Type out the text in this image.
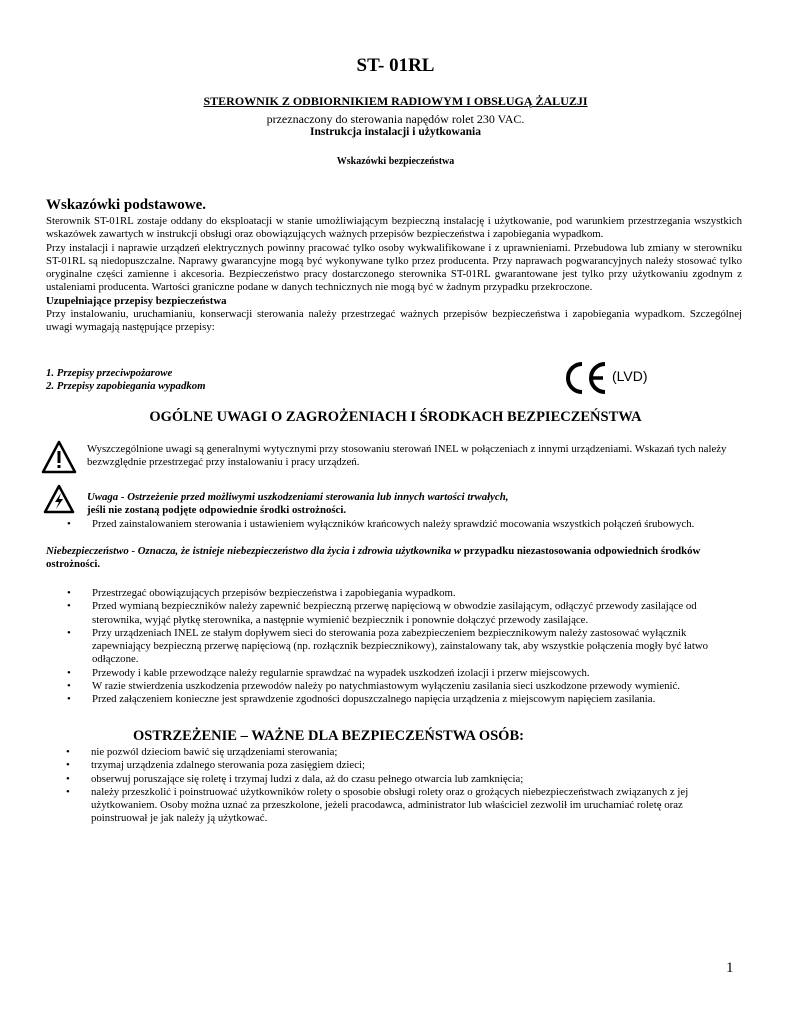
ST- 01RL
STEROWNIK Z ODBIORNIKIEM RADIOWYM I OBSŁUGĄ ŻALUZJI
przeznaczony do sterowania napędów rolet 230 VAC.
Instrukcja instalacji i użytkowania
Wskazówki bezpieczeństwa
Wskazówki podstawowe.

Sterownik ST-01RL zostaje oddany do eksploatacji w stanie umożliwiającym bezpieczną instalację i użytkowanie, pod warunkiem przestrzegania wszystkich wskazówek zawartych w instrukcji obsługi oraz obowiązujących ważnych przepisów bezpieczeństwa i zapobiegania wypadkom.

Przy instalacji i naprawie urządzeń elektrycznych powinny pracować tylko osoby wykwalifikowane i z uprawnieniami. Przebudowa lub zmiany w sterowniku ST-01RL są niedopuszczalne. Naprawy gwarancyjne mogą być wykonywane tylko przez producenta. Przy naprawach pogwarancyjnych należy stosować tylko oryginalne części zamienne i akcesoria. Bezpieczeństwo pracy dostarczonego sterownika ST-01RL gwarantowane jest tylko przy użytkowaniu zgodnym z ustaleniami producenta. Wartości graniczne podane w danych technicznych nie mogą być w żadnym przypadku przekroczone.

Uzupełniające przepisy bezpieczeństwa

Przy instalowaniu, uruchamianiu, konserwacji sterowania należy przestrzegać ważnych przepisów bezpieczeństwa i zapobiegania wypadkom. Szczególnej uwagi wymagają następujące przepisy:

1. Przepisy przeciwpożarowe

2. Przepisy zapobiegania wypadkom

(LVD)
OGÓLNE UWAGI O ZAGROŻENIACH I ŚRODKACH BEZPIECZEŃSTWA
Wyszczególnione uwagi są generalnymi wytycznymi przy stosowaniu sterowań INEL w połączeniach z innymi urządzeniami. Wskazań tych należy bezwzględnie przestrzegać przy instalowaniu i pracy urządzeń.

Uwaga - Ostrzeżenie przed możliwymi uszkodzeniami sterowania lub innych wartości trwałych,

jeśli nie zostaną podjęte odpowiednie środki ostrożności.

• Przed zainstalowaniem sterowania i ustawieniem wyłączników krańcowych należy sprawdzić mocowania wszystkich połączeń śrubowych.
Niebezpieczeństwo - Oznacza, że istnieje niebezpieczeństwo dla życia i zdrowia użytkownika w przypadku niezastosowania odpowiednich środków ostrożności.
• Przestrzegać obowiązujących przepisów bezpieczeństwa i zapobiegania wypadkom.
• Przed wymianą bezpieczników należy zapewnić bezpieczną przerwę napięciową w obwodzie zasilającym, odłączyć przewody zasilające od sterownika, wyjąć płytkę sterownika, a następnie wymienić bezpiecznik i ponownie dołączyć przewody zasilające.
• Przy urządzeniach INEL ze stałym dopływem sieci do sterowania poza zabezpieczeniem bezpiecznikowym należy zastosować wyłącznik zapewniający bezpieczną przerwę napięciową (np. rozłącznik bezpiecznikowy), zainstalowany tak, aby wszystkie połączenia mogły być łatwo odłączone.
• Przewody i kable przewodzące należy regularnie sprawdzać na wypadek uszkodzeń izolacji i przerw miejscowych.
• W razie stwierdzenia uszkodzenia przewodów należy po natychmiastowym wyłączeniu zasilania sieci uszkodzone przewody wymienić.
• Przed załączeniem konieczne jest sprawdzenie zgodności dopuszczalnego napięcia urządzenia z miejscowym napięciem zasilania.
OSTRZEŻENIE – WAŻNE DLA BEZPIECZEŃSTWA OSÓB:
• nie pozwól dzieciom bawić się urządzeniami sterowania;
• trzymaj urządzenia zdalnego sterowania poza zasięgiem dzieci;
• obserwuj poruszające się roletę i trzymaj ludzi z dala, aż do czasu pełnego otwarcia lub zamknięcia;
• należy przeszkolić i poinstruować użytkowników rolety o sposobie obsługi rolety oraz o grożących niebezpieczeństwach związanych z jej użytkowaniem. Osoby można uznać za przeszkolone, jeżeli pracodawca, administrator lub właściciel zezwolił im uruchamiać roletę oraz poinstruował je jak należy ją użytkować.
1
